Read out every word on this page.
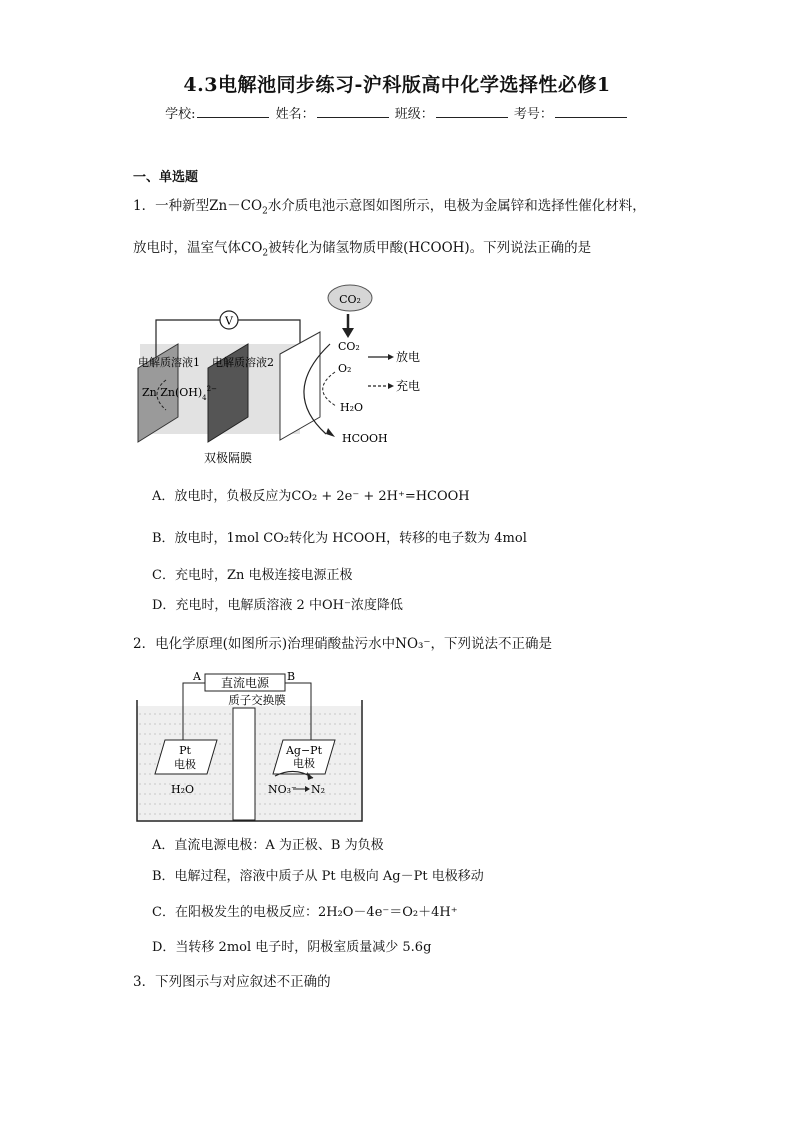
4.3电解池同步练习-沪科版高中化学选择性必修1
学校:	姓名：	班级：	考号：
一、单选题
1．一种新型$Zn-CO_2$水介质电池示意图如图所示，电极为金属锌和选择性催化材料，
放电时，温室气体$CO_2$被转化为储氢物质甲酸(HCOOH)。下列说法正确的是
V
电解质溶液1 电解质溶液2
Zn $Zn(OH)_4^{2-}$
CO₂
CO₂
O₂
H₂O
HCOOH
放电
充电
双极隔膜
A．放电时，负极反应为CO₂ + 2e⁻ + 2H⁺=HCOOH
B．放电时，1mol CO₂转化为 HCOOH，转移的电子数为 4mol
C．充电时，Zn 电极连接电源正极
D．充电时，电解质溶液 2 中OH⁻浓度降低
2．电化学原理(如图所示)治理硝酸盐污水中NO₃⁻，下列说法不正确是
直流电源
A	B
质子交换膜
Pt
电极
Ag−Pt
电极
H₂O	NO₃⁻ N₂
A．直流电源电极：A 为正极、B 为负极
B．电解过程，溶液中质子从 Pt 电极向 Ag－Pt 电极移动
C．在阳极发生的电极反应：2H₂O－4e⁻＝O₂＋4H⁺
D．当转移 2mol 电子时，阴极室质量减少 5.6g
3．下列图示与对应叙述不正确的
